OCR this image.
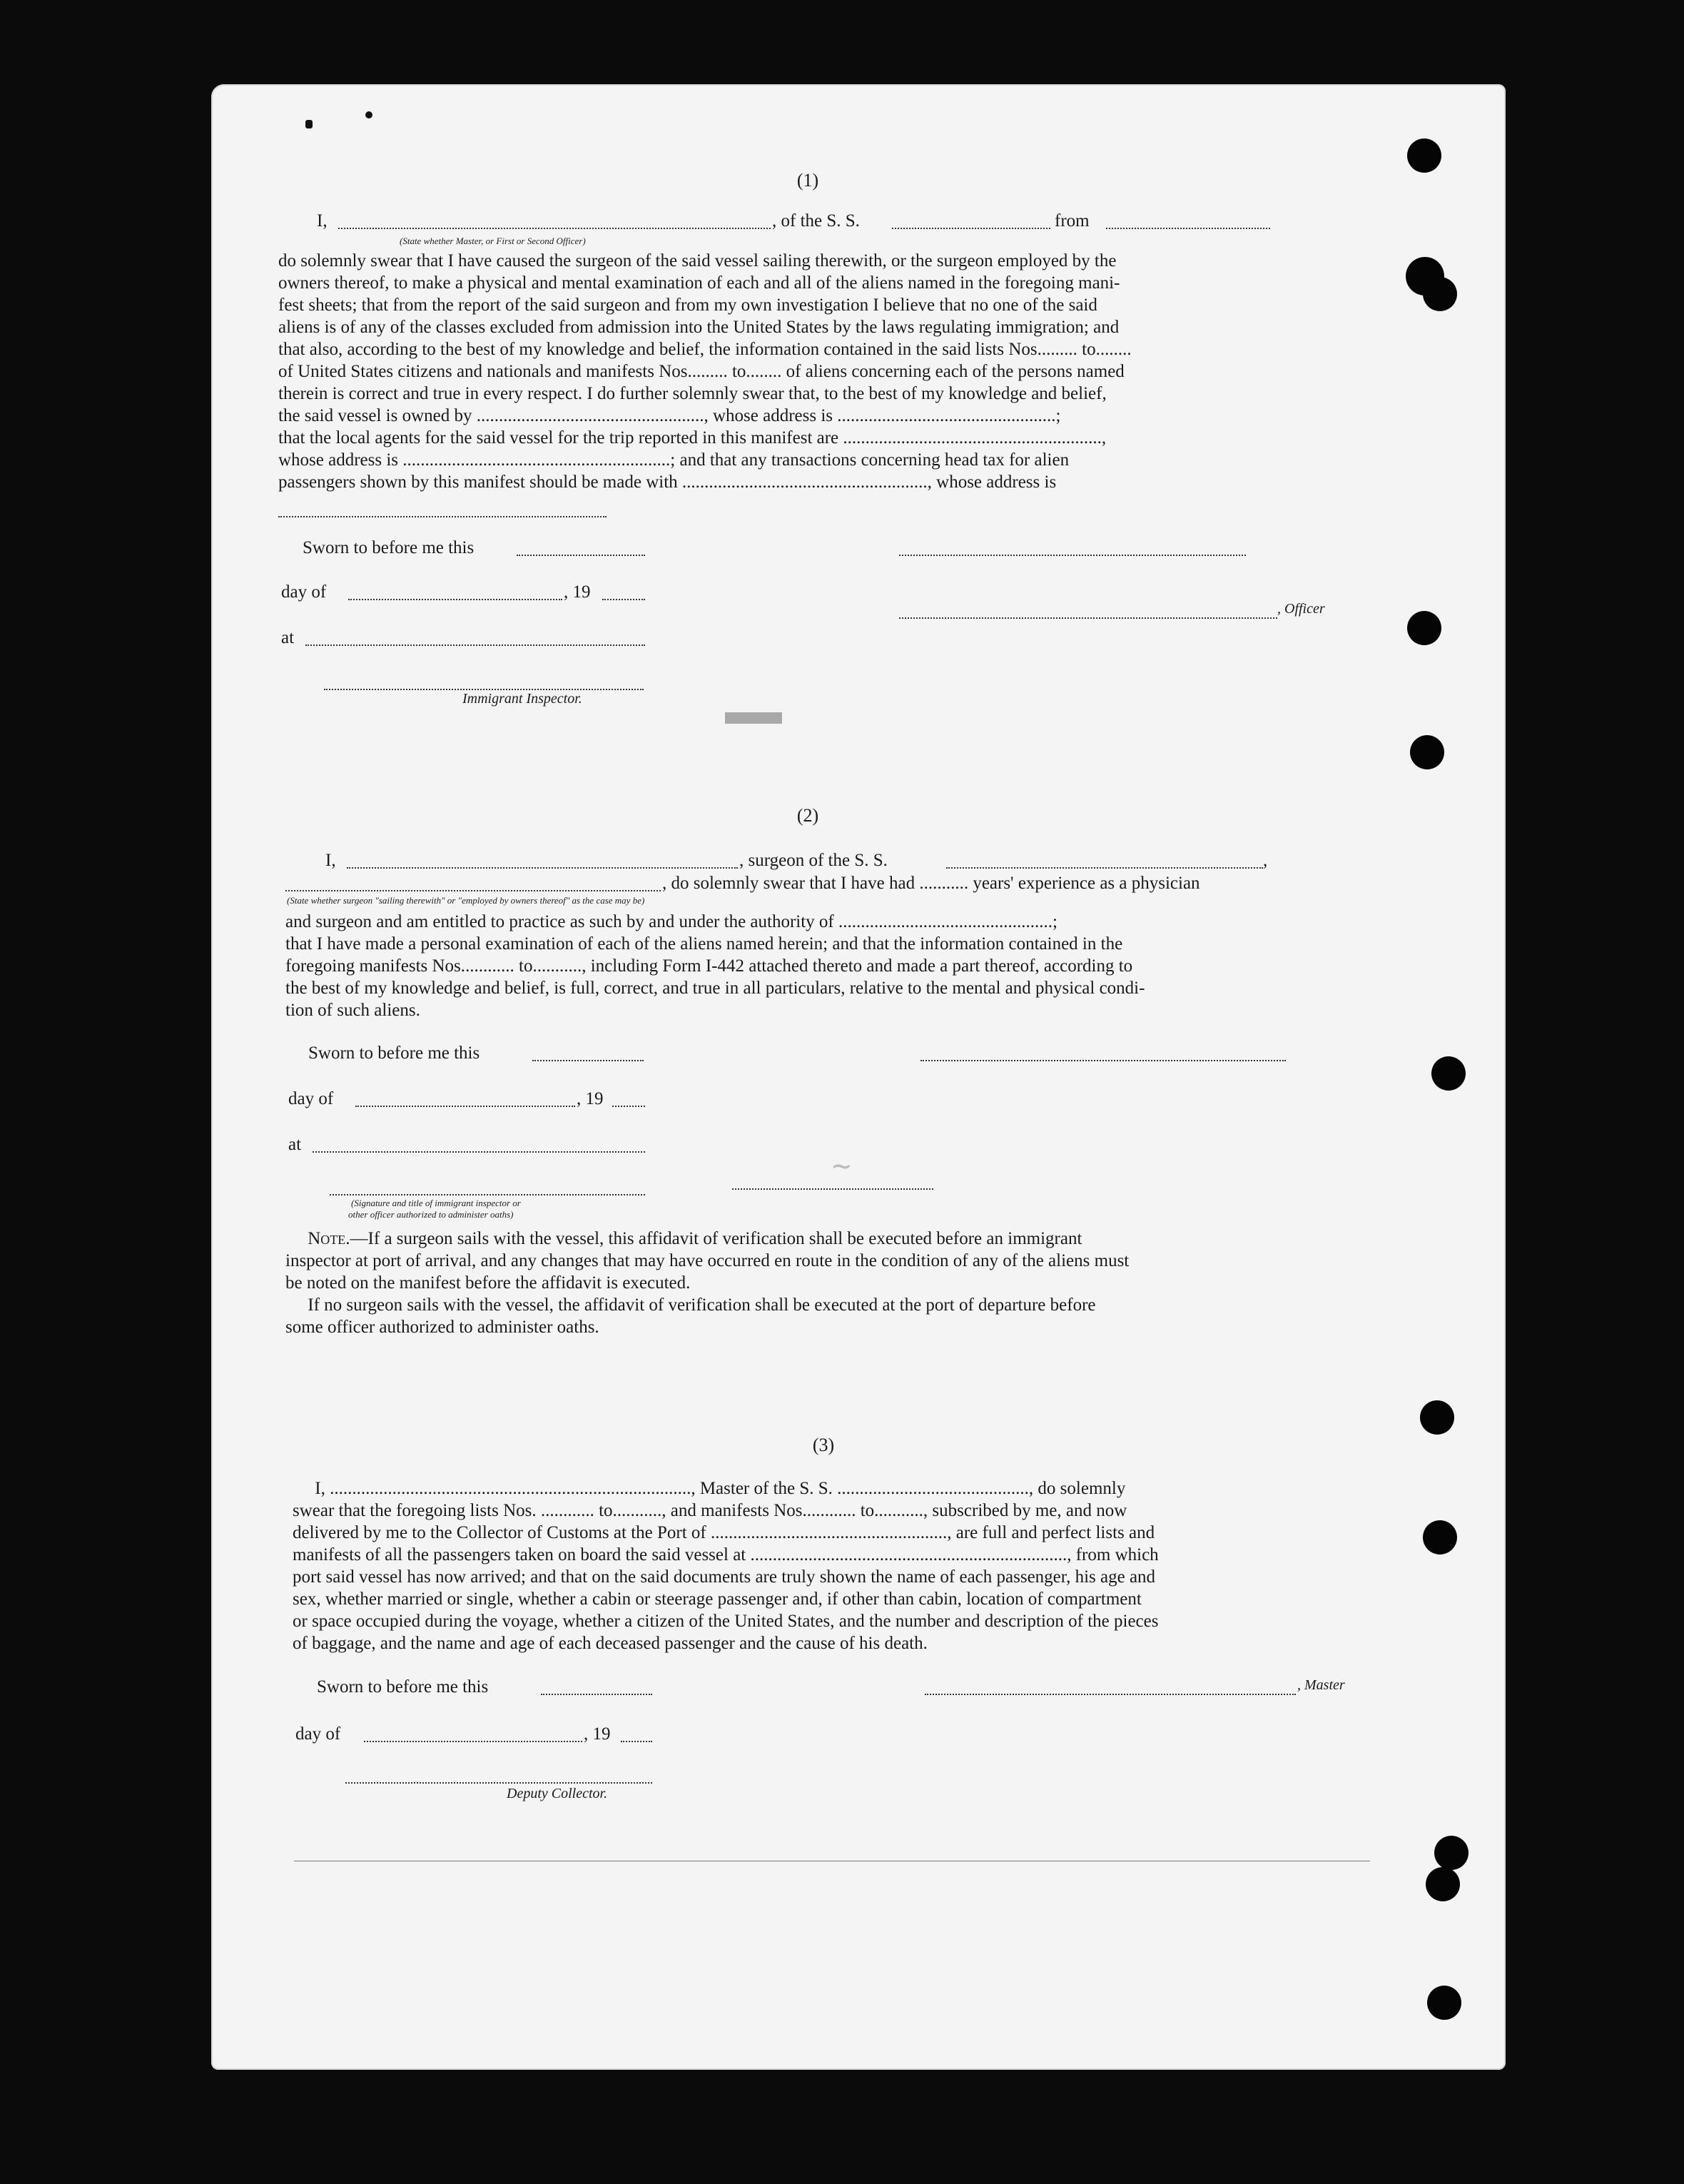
(1)
I,	, of the S. S.	from
(State whether Master, or First or Second Officer)
do solemnly swear that I have caused the surgeon of the said vessel sailing therewith, or the surgeon employed by the
owners thereof, to make a physical and mental examination of each and all of the aliens named in the foregoing mani-
fest sheets; that from the report of the said surgeon and from my own investigation I believe that no one of the said
aliens is of any of the classes excluded from admission into the United States by the laws regulating immigration; and
that also, according to the best of my knowledge and belief, the information contained in the said lists Nos......... to........
of United States citizens and nationals and manifests Nos......... to........ of aliens concerning each of the persons named
therein is correct and true in every respect. I do further solemnly swear that, to the best of my knowledge and belief,
the said vessel is owned by ..................................................., whose address is .................................................;
that the local agents for the said vessel for the trip reported in this manifest are ..........................................................,
whose address is ............................................................; and that any transactions concerning head tax for alien
passengers shown by this manifest should be made with ......................................................., whose address is
Sworn to before me this
day of	, 19
, Officer
at
Immigrant Inspector.

(2)
I,	, surgeon of the S. S.	,
, do solemnly swear that I have had ........... years' experience as a physician
(State whether surgeon "sailing therewith" or "employed by owners thereof" as the case may be)
and surgeon and am entitled to practice as such by and under the authority of ................................................;
that I have made a personal examination of each of the aliens named herein; and that the information contained in the
foregoing manifests Nos............ to..........., including Form I-442 attached thereto and made a part thereof, according to
the best of my knowledge and belief, is full, correct, and true in all particulars, relative to the mental and physical condi-
tion of such aliens.
Sworn to before me this
day of	, 19
at
(Signature and title of immigrant inspector or
other officer authorized to administer oaths)
~
Note.—If a surgeon sails with the vessel, this affidavit of verification shall be executed before an immigrant
inspector at port of arrival, and any changes that may have occurred en route in the condition of any of the aliens must
be noted on the manifest before the affidavit is executed.
If no surgeon sails with the vessel, the affidavit of verification shall be executed at the port of departure before
some officer authorized to administer oaths.
(3)
I, ................................................................................., Master of the S. S. ..........................................., do solemnly
swear that the foregoing lists Nos. ............ to..........., and manifests Nos............ to..........., subscribed by me, and now
delivered by me to the Collector of Customs at the Port of ....................................................., are full and perfect lists and
manifests of all the passengers taken on board the said vessel at ......................................................................., from which
port said vessel has now arrived; and that on the said documents are truly shown the name of each passenger, his age and
sex, whether married or single, whether a cabin or steerage passenger and, if other than cabin, location of compartment
or space occupied during the voyage, whether a citizen of the United States, and the number and description of the pieces
of baggage, and the name and age of each deceased passenger and the cause of his death.
Sworn to before me this	, Master
day of	, 19
Deputy Collector.
